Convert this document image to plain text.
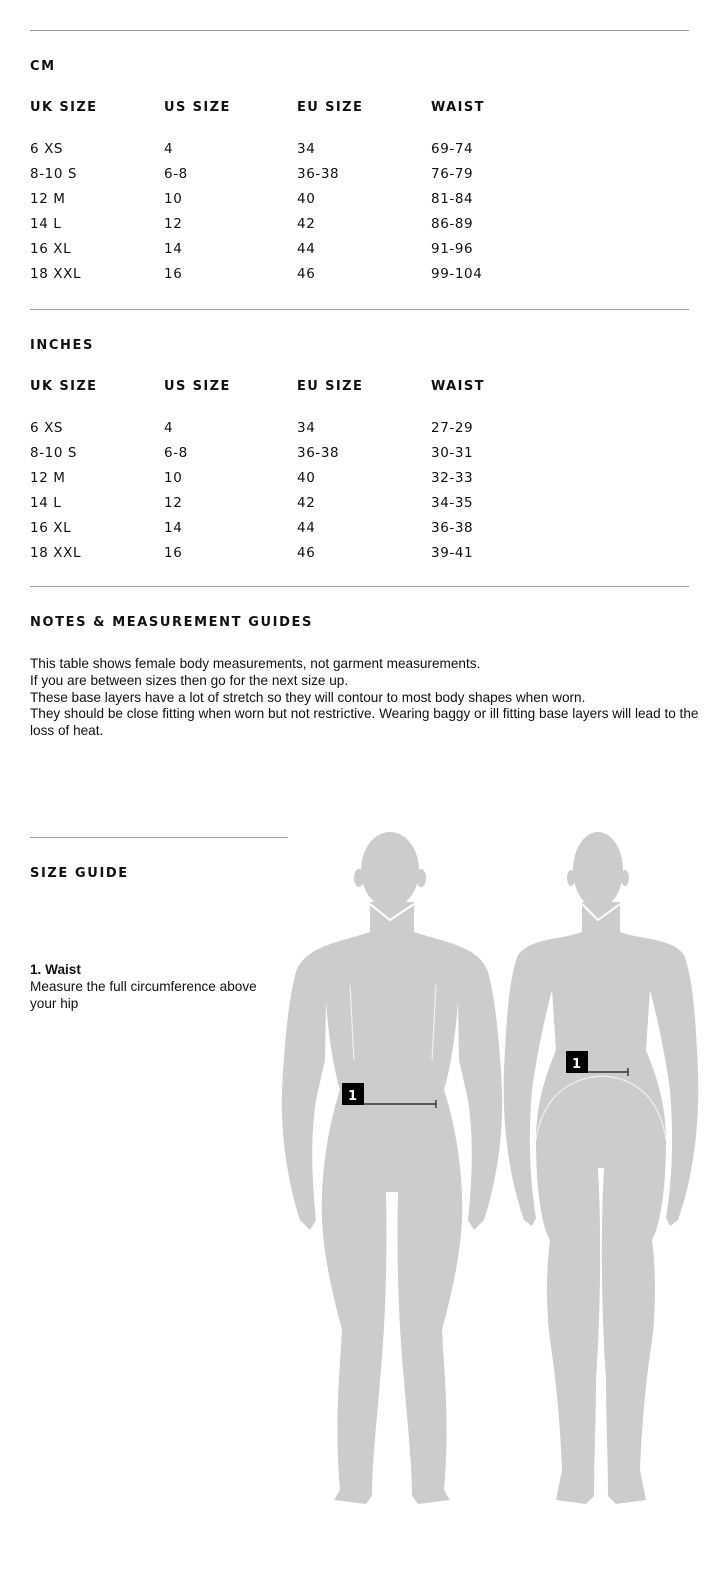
CM
UK SIZE	US SIZE	EU SIZE	WAIST
6 XS	4	34	69-74
8-10 S	6-8	36-38	76-79
12 M	10	40	81-84
14 L	12	42	86-89
16 XL	14	44	91-96
18 XXL	16	46	99-104
INCHES
UK SIZE	US SIZE	EU SIZE	WAIST
6 XS	4	34	27-29
8-10 S	6-8	36-38	30-31
12 M	10	40	32-33
14 L	12	42	34-35
16 XL	14	44	36-38
18 XXL	16	46	39-41
NOTES & MEASUREMENT GUIDES

This table shows female body measurements, not garment measurements.

If you are between sizes then go for the next size up.

These base layers have a lot of stretch so they will contour to most body shapes when worn.

They should be close fitting when worn but not restrictive. Wearing baggy or ill fitting base layers will lead to the loss of heat.

SIZE GUIDE
1. Waist
Measure the full circumference above your hip
1
1
